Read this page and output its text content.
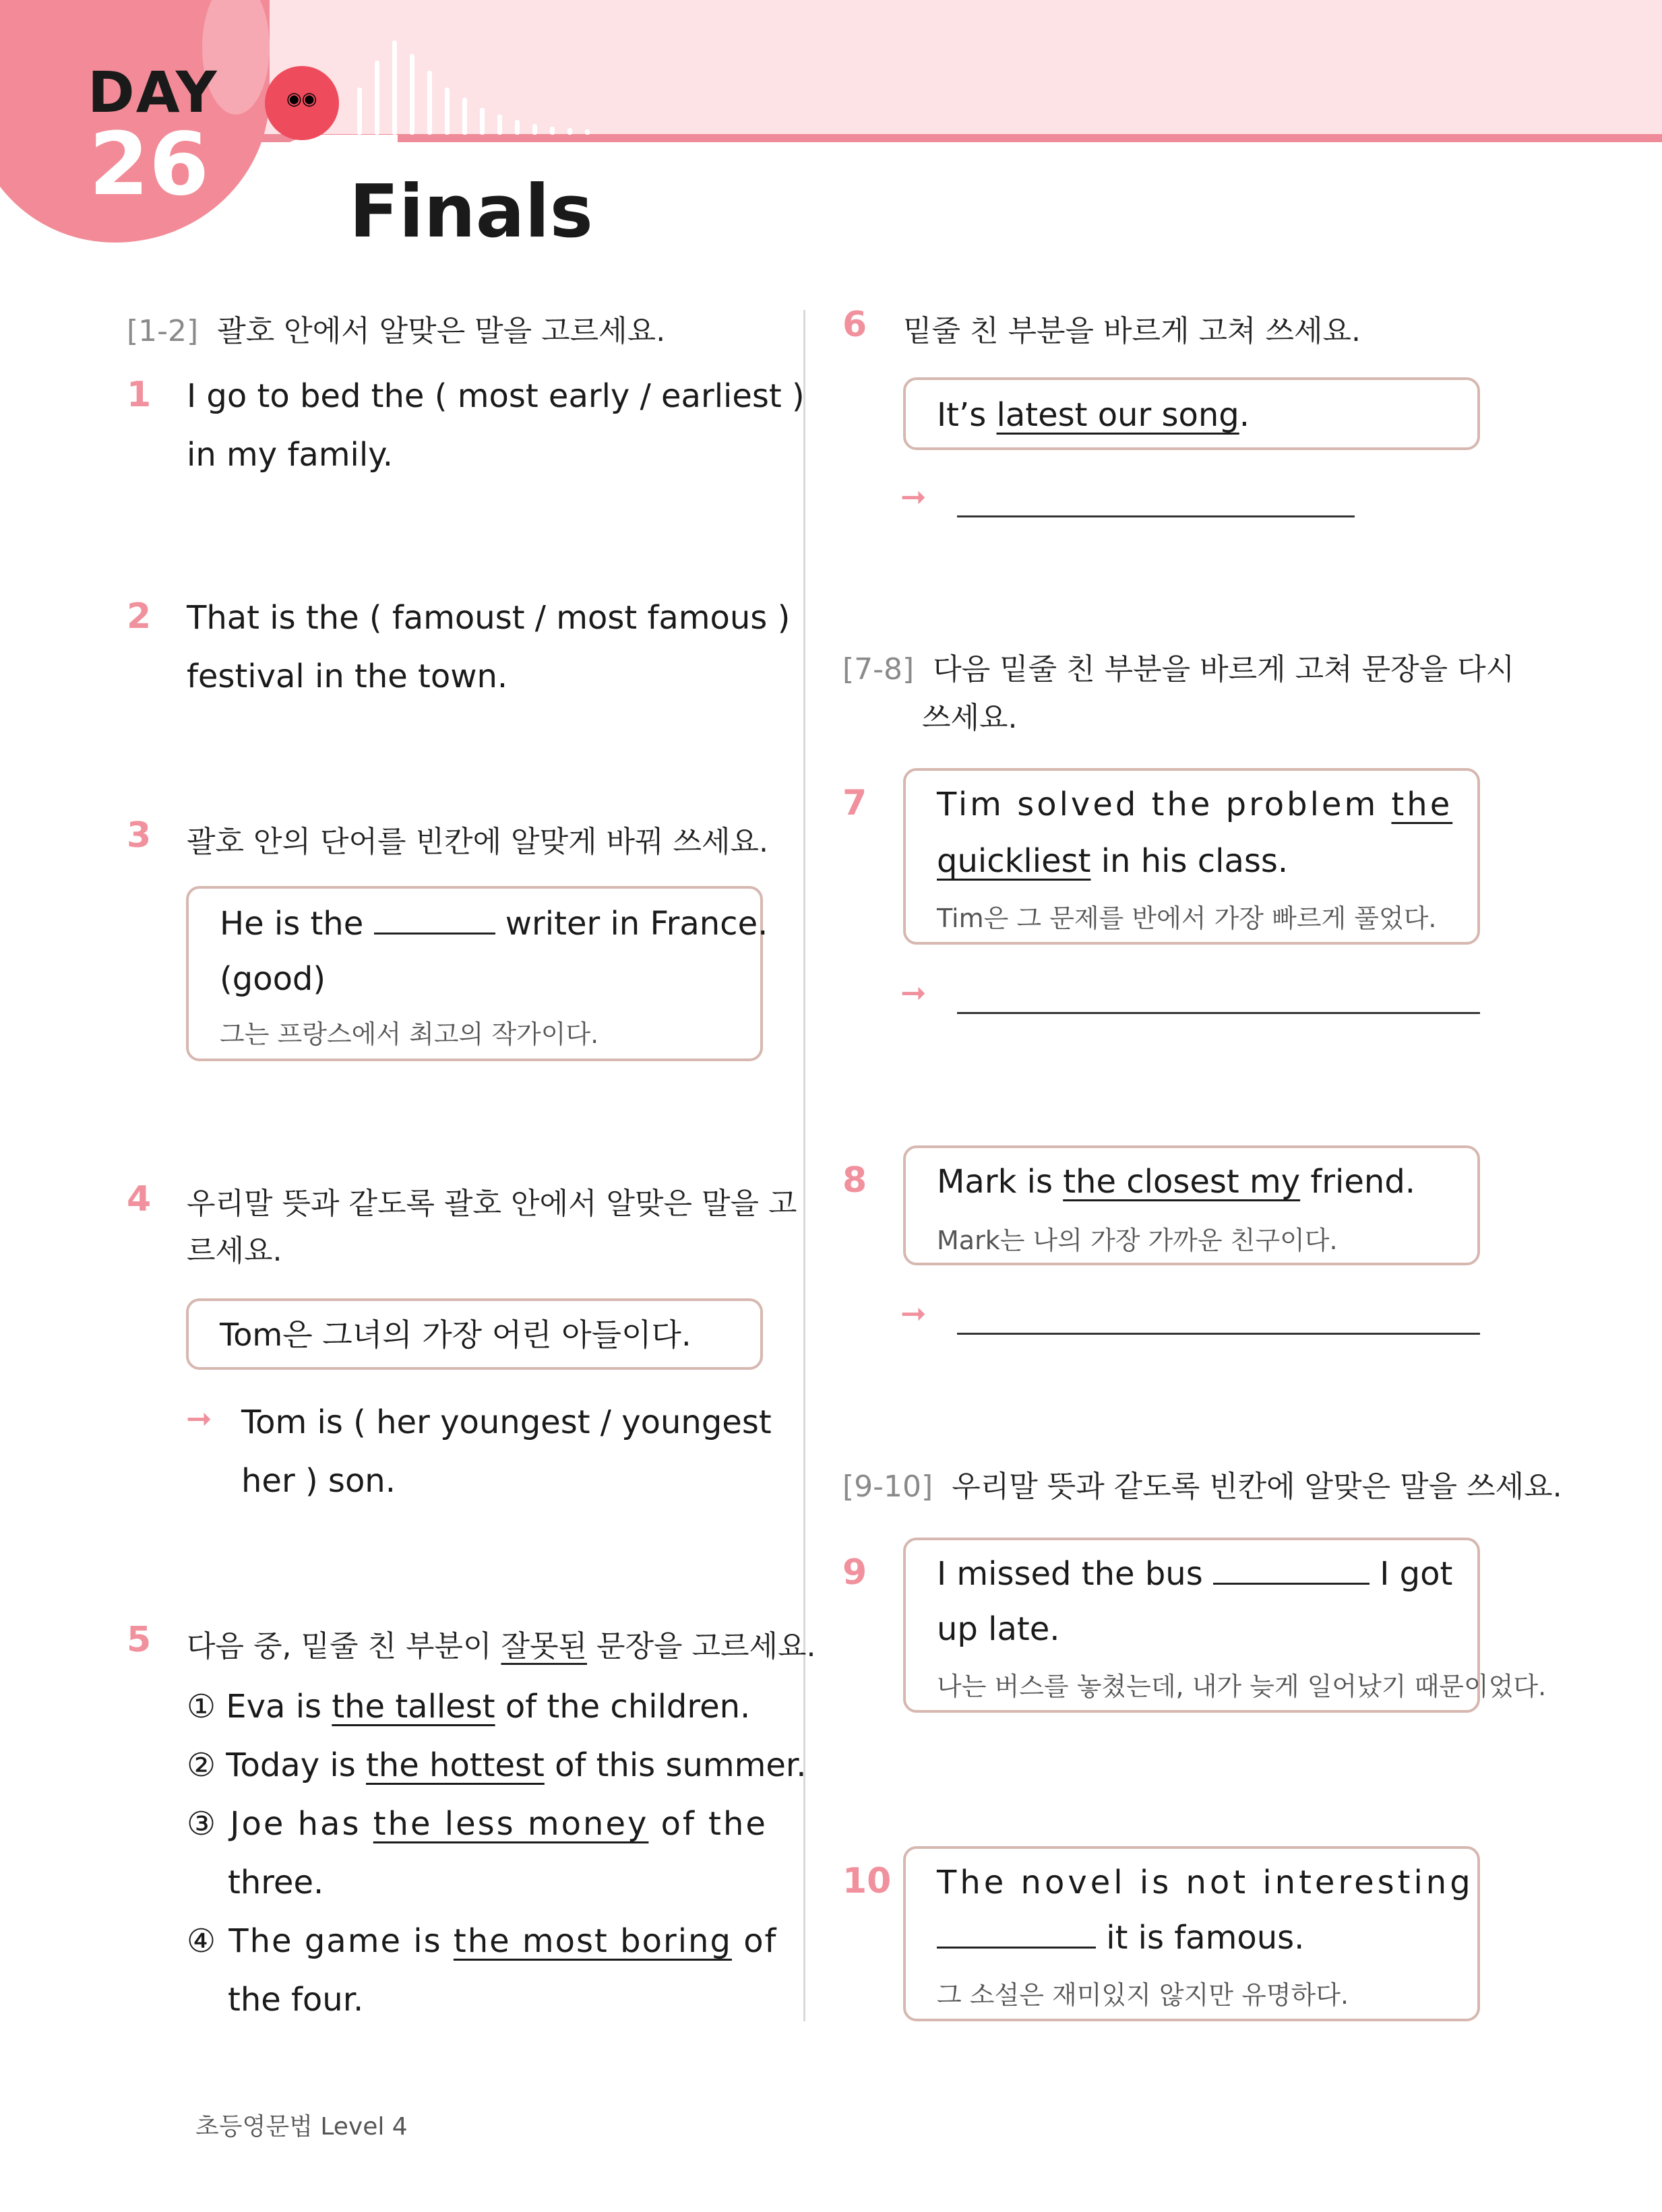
DAY
26
◉◉
Finals
[1-2] 괄호 안에서 알맞은 말을 고르세요.
1 I go to bed the ( most early / earliest )
in my family.
2 That is the ( famoust / most famous )
festival in the town.
3 괄호 안의 단어를 빈칸에 알맞게 바꿔 쓰세요.
He is the	writer in France.
(good)
그는 프랑스에서 최고의 작가이다.
4 우리말 뜻과 같도록 괄호 안에서 알맞은 말을 고
르세요.
Tom은 그녀의 가장 어린 아들이다.
➞ Tom is ( her youngest / youngest
her ) son.
5 다음 중, 밑줄 친 부분이 잘못된 문장을 고르세요.
① Eva is the tallest of the children.
② Today is the hottest of this summer.
③ Joe has the less money of the
three.
④ The game is the most boring of
the four.
6 밑줄 친 부분을 바르게 고쳐 쓰세요.
It’s latest our song.
➞
[7-8] 다음 밑줄 친 부분을 바르게 고쳐 문장을 다시
쓰세요.
7 Tim solved the problem the
quickliest in his class.
Tim은 그 문제를 반에서 가장 빠르게 풀었다.
➞
8 Mark is the closest my friend.
Mark는 나의 가장 가까운 친구이다.
➞
[9-10] 우리말 뜻과 같도록 빈칸에 알맞은 말을 쓰세요.
9 I missed the bus	I got
up late.
나는 버스를 놓쳤는데, 내가 늦게 일어났기 때문이었다.
10 The novel is not interesting
it is famous.
그 소설은 재미있지 않지만 유명하다.
초등영문법 Level 4
